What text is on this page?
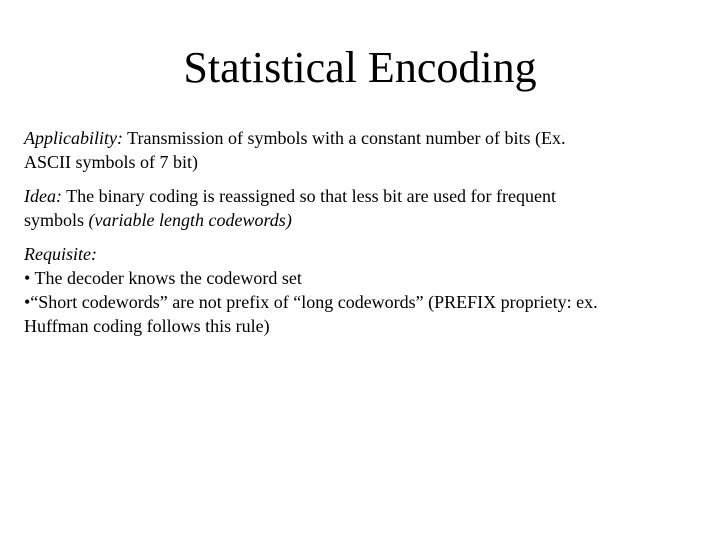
Statistical Encoding
Applicability: Transmission of symbols with a constant number of bits (Ex.
ASCII symbols of 7 bit)
Idea: The binary coding is reassigned so that less bit are used for frequent
symbols (variable length codewords)
Requisite:
• The decoder knows the codeword set
•“Short codewords” are not prefix of “long codewords” (PREFIX propriety: ex.
Huffman coding follows this rule)
